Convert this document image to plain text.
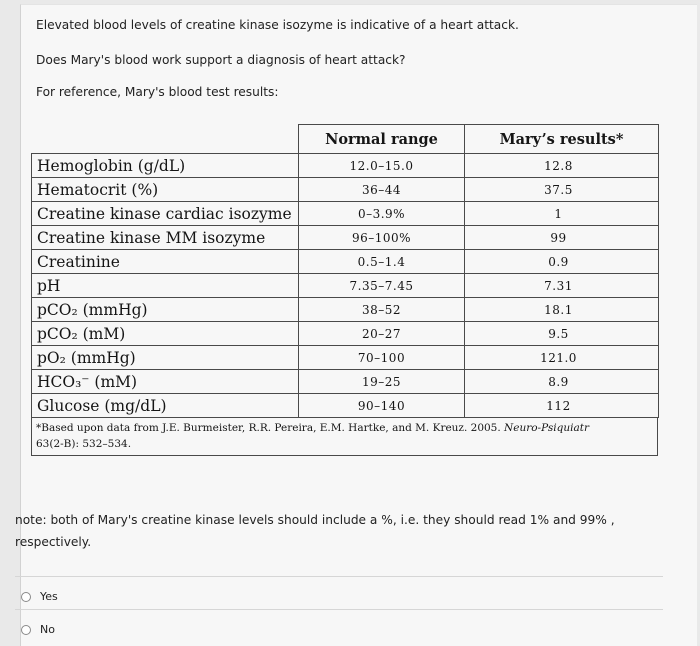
Elevated blood levels of creatine kinase isozyme is indicative of a heart attack.
Does Mary's blood work support a diagnosis of heart attack?
For reference, Mary's blood test results:
	Normal range	Mary’s results*
Hemoglobin (g/dL)	12.0–15.0	12.8
Hematocrit (%)	36–44	37.5
Creatine kinase cardiac isozyme	0–3.9%	1
Creatine kinase MM isozyme	96–100%	99
Creatinine	0.5–1.4	0.9
pH	7.35–7.45	7.31
pCO₂ (mmHg)	38–52	18.1
pCO₂ (mM)	20–27	9.5
pO₂ (mmHg)	70–100	121.0
HCO₃⁻ (mM)	19–25	8.9
Glucose (mg/dL)	90–140	112
*Based upon data from J.E. Burmeister, R.R. Pereira, E.M. Hartke, and M. Kreuz. 2005. Neuro-Psiquiatr
63(2-B): 532–534.
note: both of Mary's creatine kinase levels should include a %, i.e. they should read 1% and 99% , respectively.
Yes
No
